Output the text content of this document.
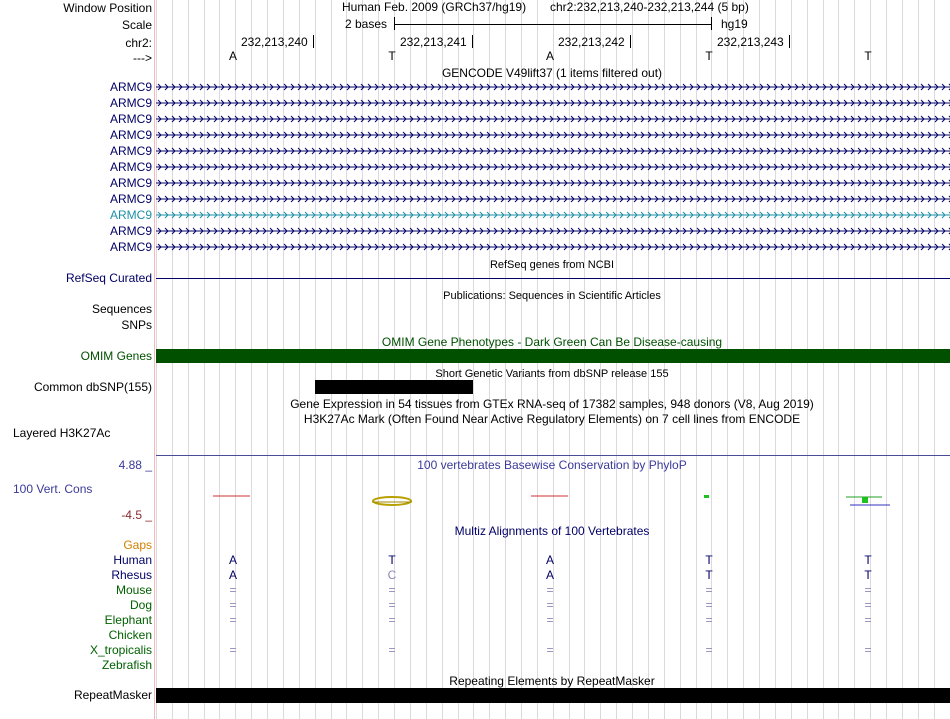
Window Position
Scale
chr2:
--->
Human Feb. 2009 (GRCh37/hg19) chr2:232,213,240-232,213,244 (5 bp)
2 bases	hg19
232,213,240	232,213,241	232,213,242	232,213,243
A	T	A	T	T
GENCODE V49lift37 (1 items filtered out)
ARMC9
ARMC9
ARMC9
ARMC9
ARMC9
ARMC9
ARMC9
ARMC9
ARMC9
ARMC9
ARMC9
RefSeq genes from NCBI
RefSeq Curated
Publications: Sequences in Scientific Articles
Sequences
SNPs
OMIM Gene Phenotypes - Dark Green Can Be Disease-causing
OMIM Genes
Short Genetic Variants from dbSNP release 155
Common dbSNP(155)
Gene Expression in 54 tissues from GTEx RNA-seq of 17382 samples, 948 donors (V8, Aug 2019)
H3K27Ac Mark (Often Found Near Active Regulatory Elements) on 7 cell lines from ENCODE
Layered H3K27Ac
100 vertebrates Basewise Conservation by PhyloP
4.88 _
100 Vert. Cons
-4.5 _
Multiz Alignments of 100 Vertebrates
Gaps
Human	A	T	A	T	T
Rhesus	A	C	A	T	T
Mouse	=	=	=	=	=
Dog	=	=	=	=	=
Elephant	=	=	=	=	=
Chicken
X_tropicalis	=	=	=	=	=
Zebrafish
Repeating Elements by RepeatMasker
RepeatMasker
